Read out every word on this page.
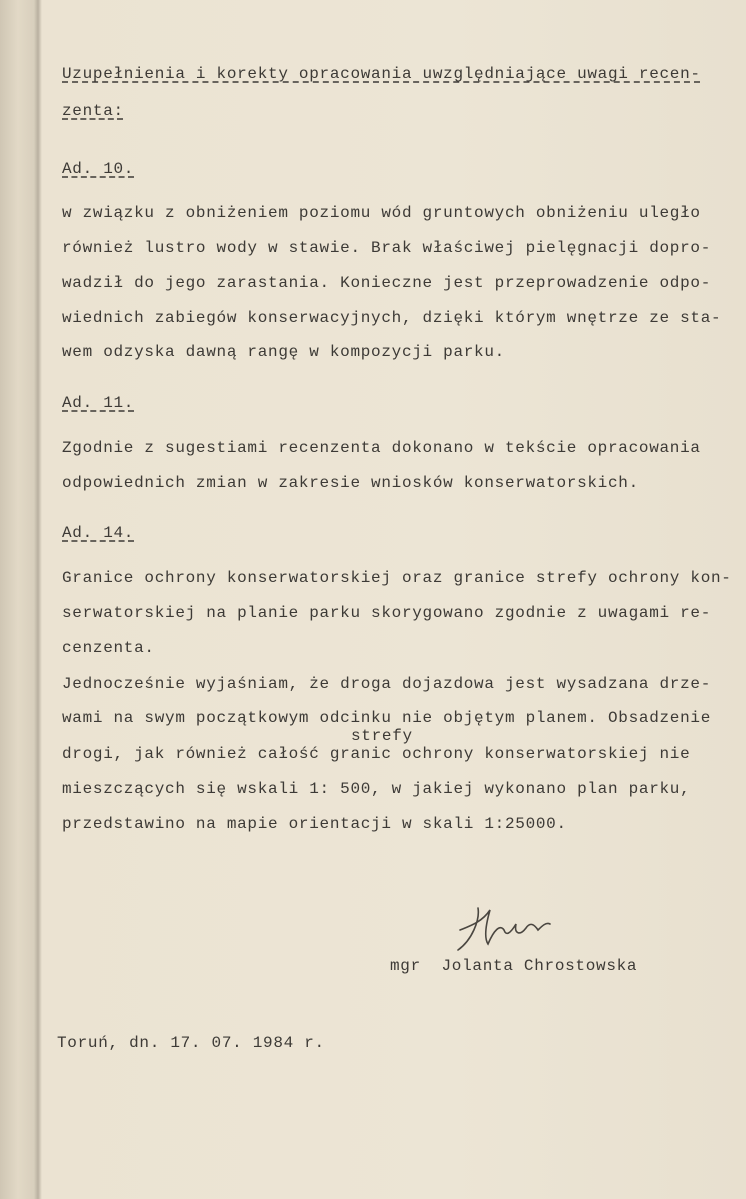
Uzupełnienia i korekty opracowania uwzględniające uwagi recen-
zenta:
Ad. 10.
w związku z obniżeniem poziomu wód gruntowych obniżeniu uległo
również lustro wody w stawie. Brak właściwej pielęgnacji dopro-
wadził do jego zarastania. Konieczne jest przeprowadzenie odpo-
wiednich zabiegów konserwacyjnych, dzięki którym wnętrze ze sta-
wem odzyska dawną rangę w kompozycji parku.
Ad. 11.
Zgodnie z sugestiami recenzenta dokonano w tekście opracowania
odpowiednich zmian w zakresie wniosków konserwatorskich.
Ad. 14.
Granice ochrony konserwatorskiej oraz granice strefy ochrony kon-
serwatorskiej na planie parku skorygowano zgodnie z uwagami re-
cenzenta.
Jednocześnie wyjaśniam, że droga dojazdowa jest wysadzana drze-
wami na swym początkowym odcinku nie objętym planem. Obsadzenie
strefy
drogi, jak również całość granic ochrony konserwatorskiej nie
mieszczących się wskali 1: 500, w jakiej wykonano plan parku,
przedstawino na mapie orientacji w skali 1:25000.
mgr  Jolanta Chrostowska
Toruń, dn. 17. 07. 1984 r.
